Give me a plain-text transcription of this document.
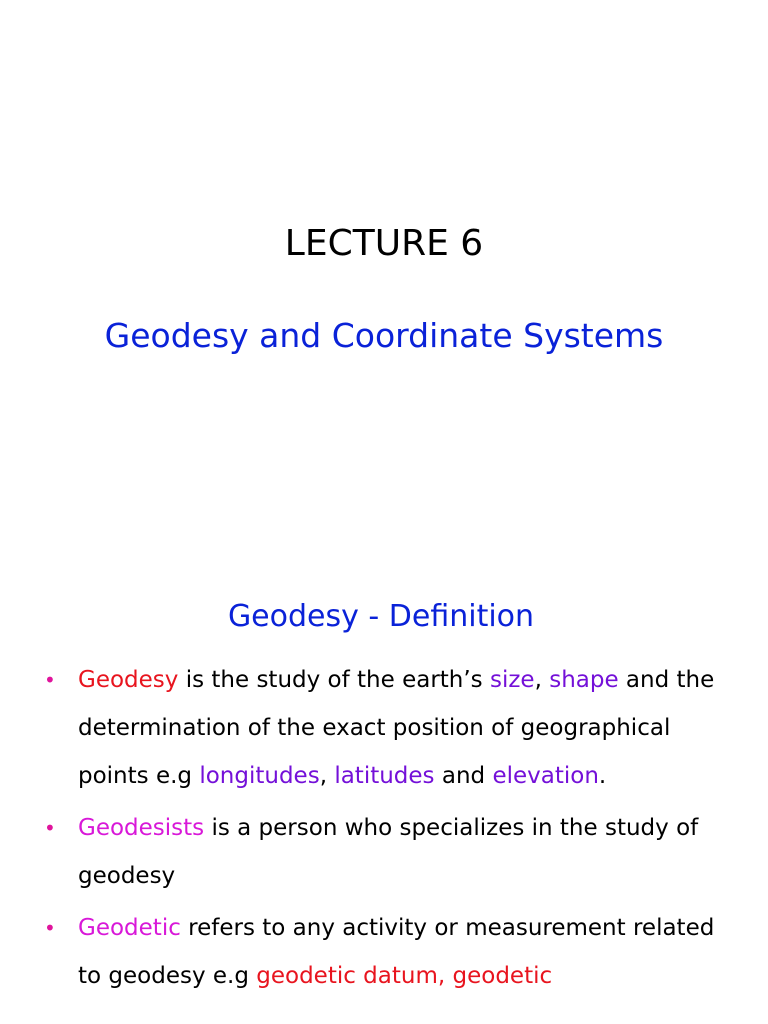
LECTURE 6
Geodesy and Coordinate Systems
Geodesy - Definition
• Geodesy is the study of the earth’s size, shape and the determination of the exact position of geographical points e.g longitudes, latitudes and elevation.
• Geodesists is a person who specializes in the study of geodesy
• Geodetic refers to any activity or measurement related to geodesy e.g geodetic datum, geodetic
